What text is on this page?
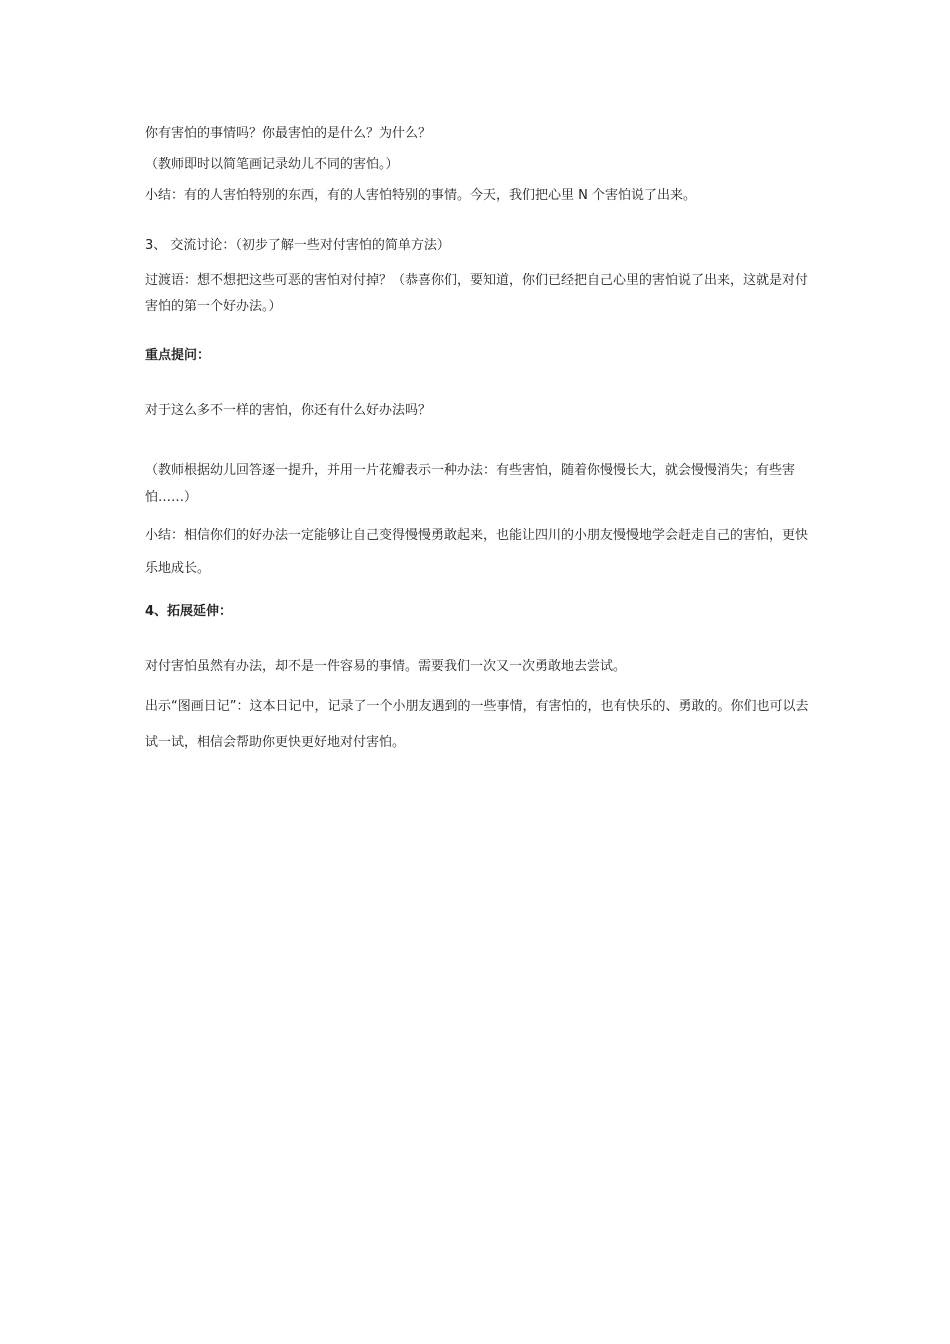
你有害怕的事情吗？你最害怕的是什么？为什么？

（教师即时以简笔画记录幼儿不同的害怕。）

小结：有的人害怕特别的东西，有的人害怕特别的事情。今天，我们把心里 N 个害怕说了出来。

3、 交流讨论：（初步了解一些对付害怕的简单方法）

过渡语：想不想把这些可恶的害怕对付掉？（恭喜你们，要知道，你们已经把自己心里的害怕说了出来，这就是对付害怕的第一个好办法。）

重点提问：

对于这么多不一样的害怕，你还有什么好办法吗？

（教师根据幼儿回答逐一提升，并用一片花瓣表示一种办法：有些害怕，随着你慢慢长大，就会慢慢消失；有些害怕……）

小结：相信你们的好办法一定能够让自己变得慢慢勇敢起来，也能让四川的小朋友慢慢地学会赶走自己的害怕，更快乐地成长。

4、拓展延伸：

对付害怕虽然有办法，却不是一件容易的事情。需要我们一次又一次勇敢地去尝试。

出示“图画日记”：这本日记中，记录了一个小朋友遇到的一些事情，有害怕的，也有快乐的、勇敢的。你们也可以去试一试，相信会帮助你更快更好地对付害怕。
